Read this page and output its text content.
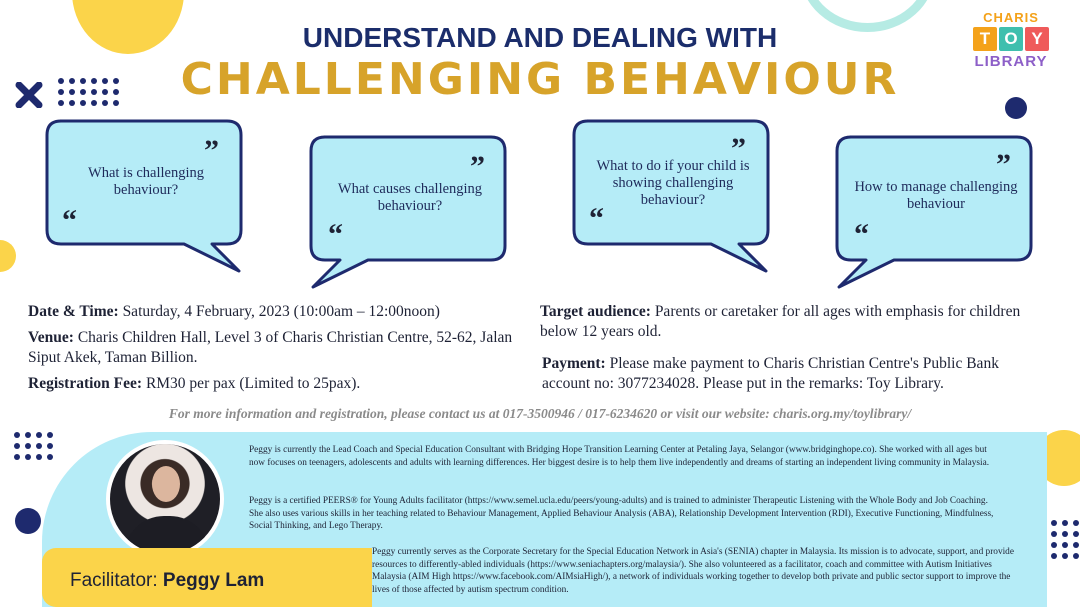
CHARIS
T O Y
LIBRARY
UNDERSTAND AND DEALING WITH
CHALLENGING BEHAVIOUR
”
What is challenging behaviour?
“
”
What causes challenging behaviour?
“
”
What to do if your child is showing challenging behaviour?
“
”
How to manage challenging behaviour
“
Date & Time: Saturday, 4 February, 2023 (10:00am – 12:00noon)
Venue: Charis Children Hall, Level 3 of Charis Christian Centre, 52-62, Jalan Siput Akek, Taman Billion.
Registration Fee: RM30 per pax (Limited to 25pax).
Target audience: Parents or caretaker for all ages with emphasis for children below 12 years old.
Payment: Please make payment to Charis Christian Centre's Public Bank account no: 3077234028. Please put in the remarks: Toy Library.
For more information and registration, please contact us at 017-3500946 / 017-6234620 or visit our website: charis.org.my/toylibrary/
Facilitator: Peggy Lam
Peggy is currently the Lead Coach and Special Education Consultant with Bridging Hope Transition Learning Center at Petaling Jaya, Selangor (www.bridginghope.co). She worked with all ages but now focuses on teenagers, adolescents and adults with learning differences. Her biggest desire is to help them live independently and dreams of starting an independent living community in Malaysia.
Peggy is a certified PEERS® for Young Adults facilitator (https://www.semel.ucla.edu/peers/young-adults) and is trained to administer Therapeutic Listening with the Whole Body and Job Coaching. She also uses various skills in her teaching related to Behaviour Management, Applied Behaviour Analysis (ABA), Relationship Development Intervention (RDI), Executive Functioning, Mindfulness, Social Thinking, and Lego Therapy.
Peggy currently serves as the Corporate Secretary for the Special Education Network in Asia's (SENIA) chapter in Malaysia. Its mission is to advocate, support, and provide resources to differently-abled individuals (https://www.seniachapters.org/malaysia/). She also volunteered as a facilitator, coach and committee with Autism Initiatives Malaysia (AIM High https://www.facebook.com/AIMsiaHigh/), a network of individuals working together to develop both private and public sector support to improve the lives of those affected by autism spectrum condition.
